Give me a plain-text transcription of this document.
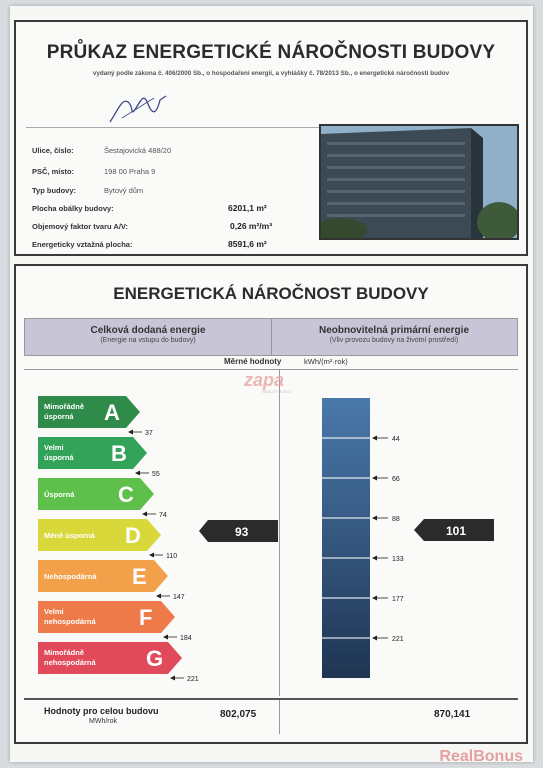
PRŮKAZ ENERGETICKÉ NÁROČNOSTI BUDOVY
vydaný podle zákona č. 406/2000 Sb., o hospodaření energií, a vyhlášky č. 78/2013 Sb., o energetické náročnosti budov
Ulice, číslo:	Šestajovická 488/20
PSČ, místo:	198 00 Praha 9
Typ budovy:	Bytový dům
Plocha obálky budovy:	6201,1 m²
Objemový faktor tvaru A/V:	0,26 m²/m³
Energeticky vztažná plocha:	8591,6 m²
ENERGETICKÁ NÁROČNOST BUDOVY
Celková dodaná energie
(Energie na vstupu do budovy)
Neobnovitelná primární energie
(Vliv provozu budovy na životní prostředí)
Měrné hodnoty	kWh/(m²·rok)
Mimořádně
úsporná A
37
Velmi
úsporná B
55
Úsporná C
74
Méně úsporná D
110
Nehospodárná E
147
Velmi
nehospodárná F
184
Mimořádně
nehospodárná G
221
93
44
66
88
133
177
221
101
zapa
REALITY S.R.O.
Hodnoty pro celou budovu
MWh/rok
802,075	870,141
RealBonus
